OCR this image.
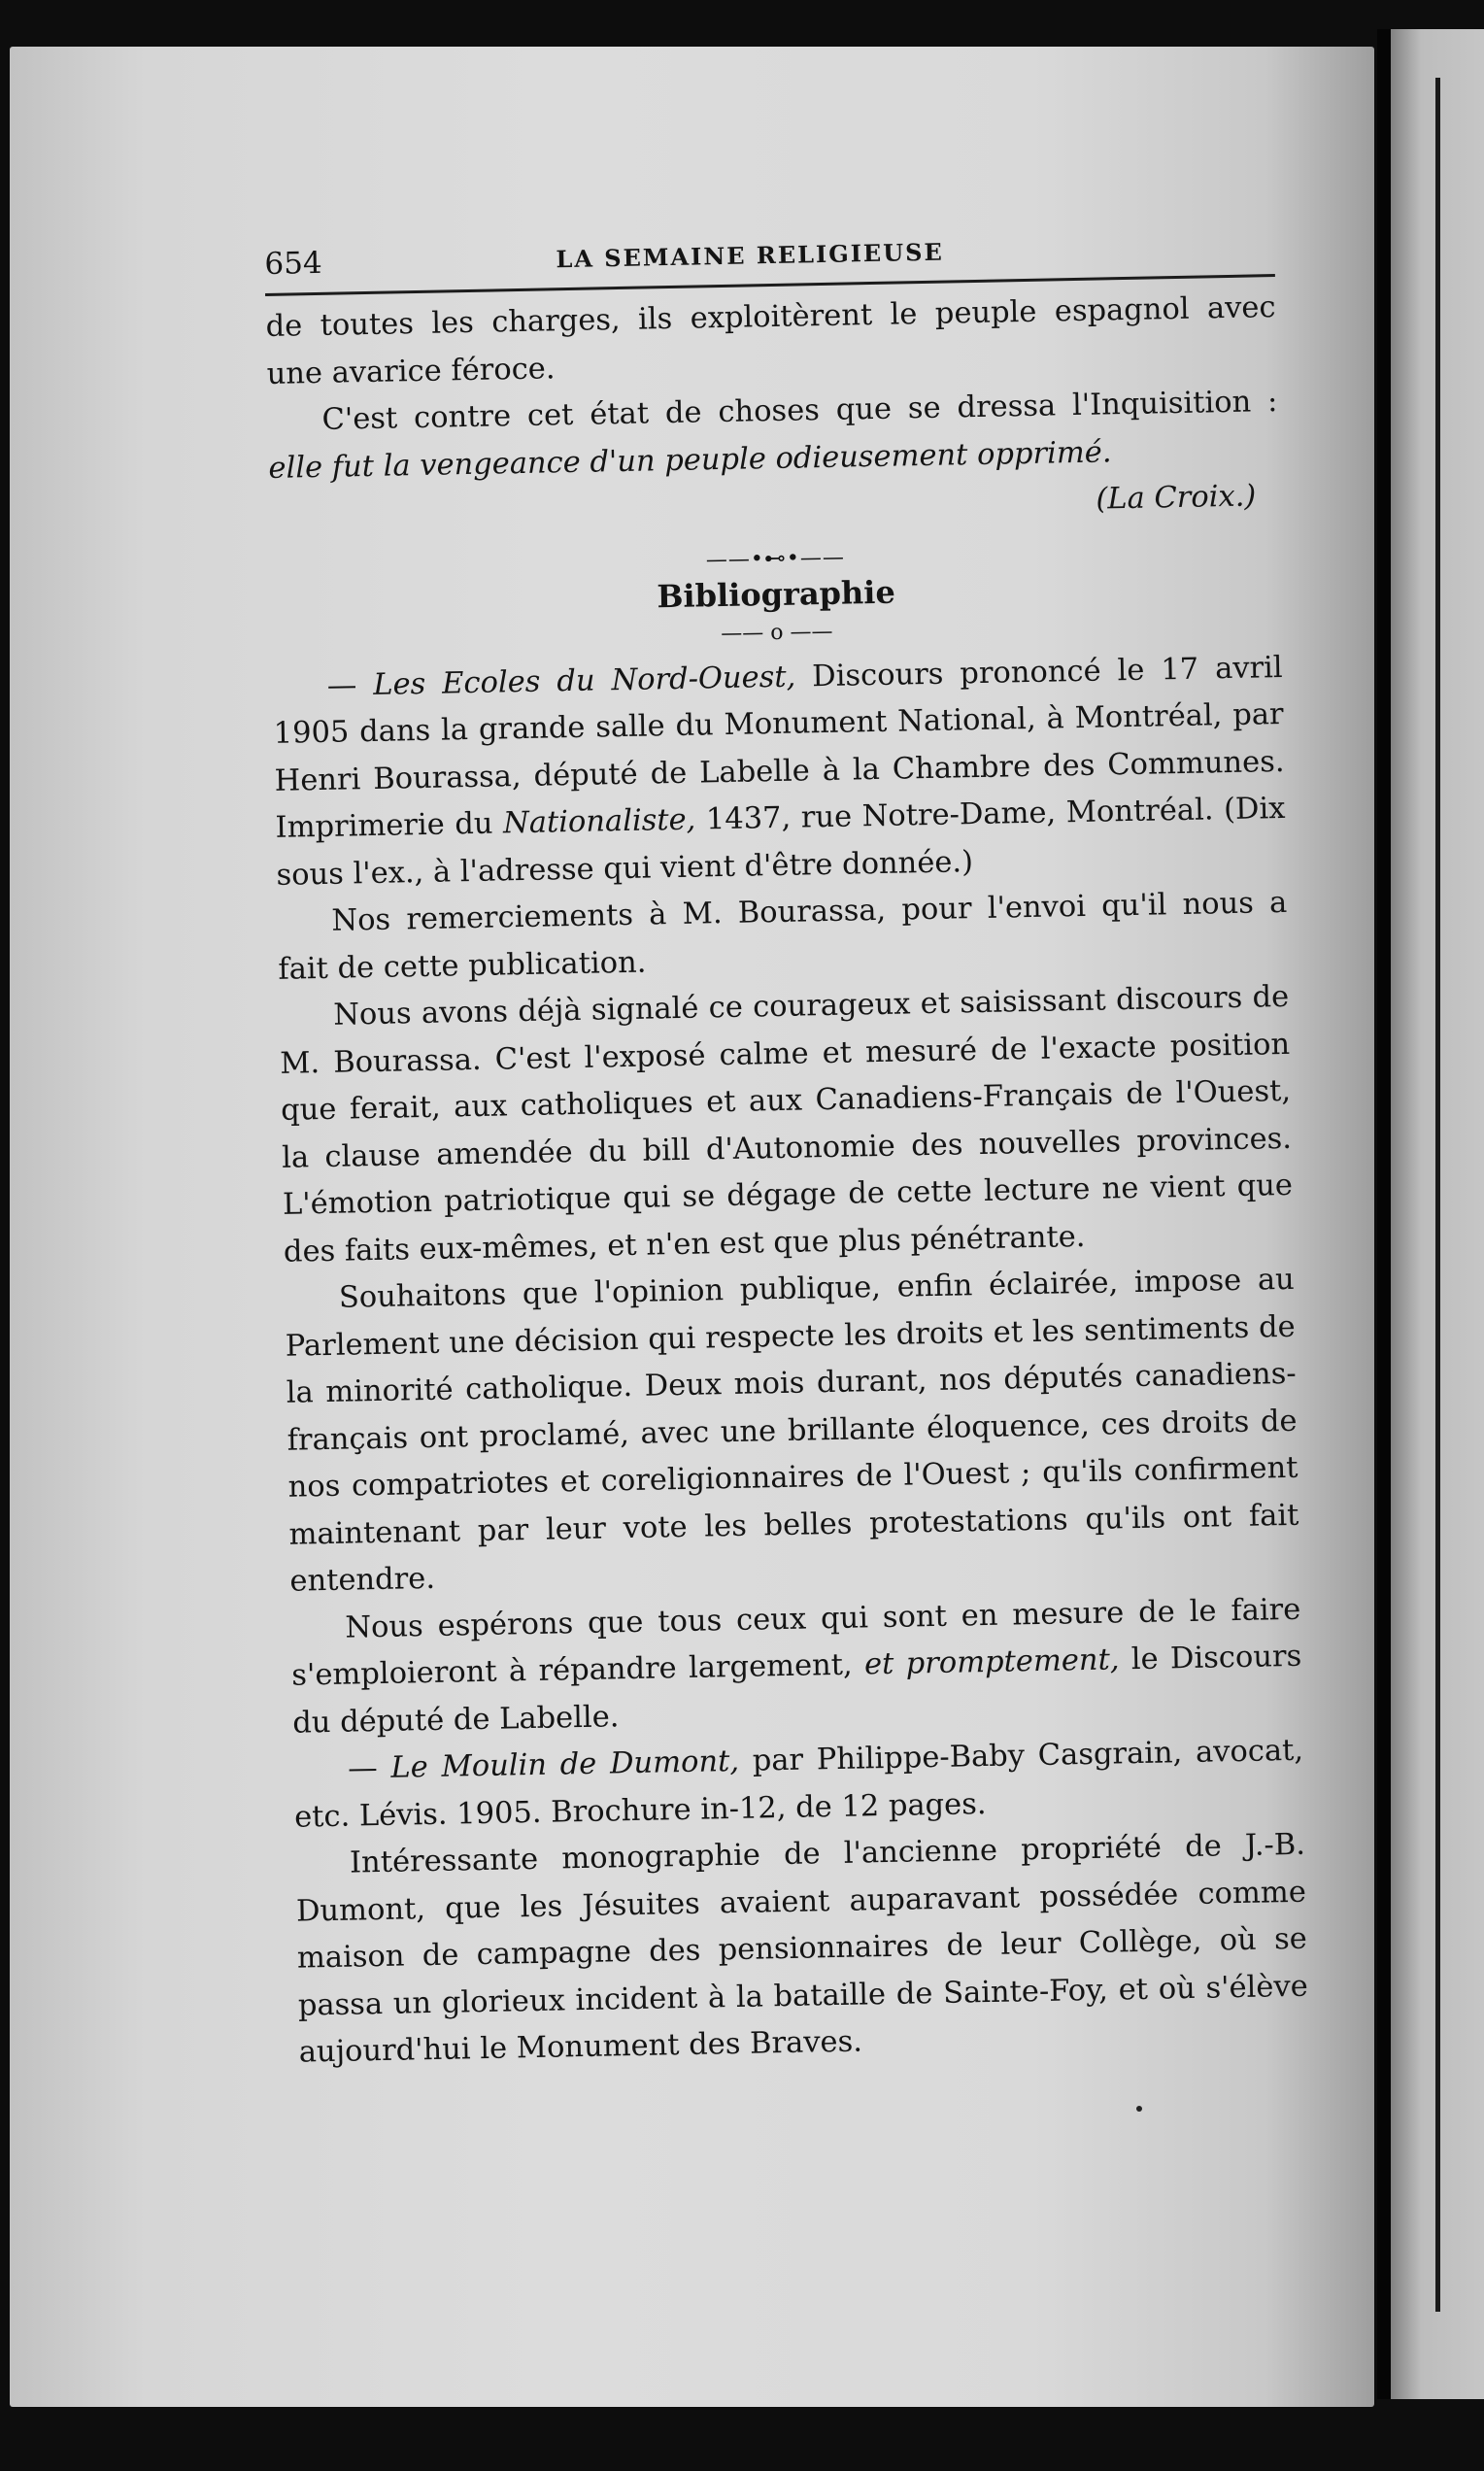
654	LA SEMAINE RELIGIEUSE

de toutes les charges, ils exploitèrent le peuple espagnol avec

une avarice féroce.

C'est contre cet état de choses que se dressa l'Inquisition :

elle fut la vengeance d'un peuple odieusement opprimé.

(La Croix.)
——•⊷•——
Bibliographie
—— o ——

— Les Ecoles du Nord-Ouest, Discours prononcé le 17 avril 1905 dans la grande salle du Monument National, à Montréal, par Henri Bourassa, député de Labelle à la Chambre des Communes. Imprimerie du Nationaliste, 1437, rue Notre-Dame, Montréal. (Dix sous l'ex., à l'adresse qui vient d'être donnée.)

Nos remerciements à M. Bourassa, pour l'envoi qu'il nous a fait de cette publication.

Nous avons déjà signalé ce courageux et saisissant discours de M. Bourassa. C'est l'exposé calme et mesuré de l'exacte position que ferait, aux catholiques et aux Canadiens-Français de l'Ouest, la clause amendée du bill d'Autonomie des nouvelles provinces. L'émotion patriotique qui se dégage de cette lecture ne vient que des faits eux-mêmes, et n'en est que plus pénétrante.

Souhaitons que l'opinion publique, enfin éclairée, impose au Parlement une décision qui respecte les droits et les sentiments de la minorité catholique. Deux mois durant, nos députés canadiens-français ont proclamé, avec une brillante éloquence, ces droits de nos compatriotes et coreligionnaires de l'Ouest ; qu'ils confirment maintenant par leur vote les belles protestations qu'ils ont fait entendre.

Nous espérons que tous ceux qui sont en mesure de le faire s'emploieront à répandre largement, et promptement, le Discours du député de Labelle.

— Le Moulin de Dumont, par Philippe-Baby Casgrain, avocat, etc. Lévis. 1905. Brochure in-12, de 12 pages.

Intéressante monographie de l'ancienne propriété de J.-B. Dumont, que les Jésuites avaient auparavant possédée comme maison de campagne des pensionnaires de leur Collège, où se passa un glorieux incident à la bataille de Sainte-Foy, et où s'élève aujourd'hui le Monument des Braves.
